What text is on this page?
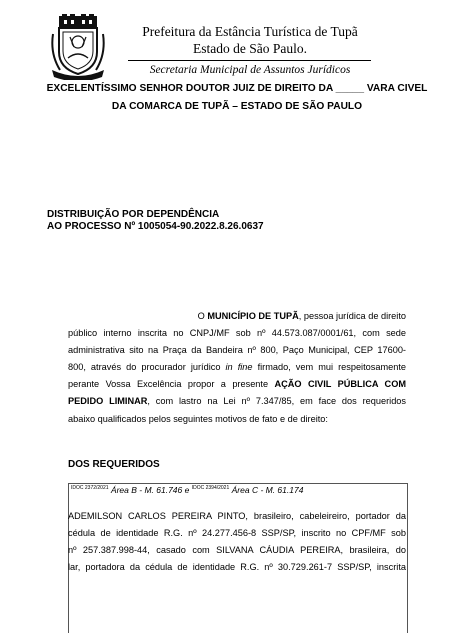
Prefeitura da Estância Turística de Tupã
Estado de São Paulo.
Secretaria Municipal de Assuntos Jurídicos
EXCELENTÍSSIMO SENHOR DOUTOR JUIZ DE DIREITO DA _____ VARA CIVEL
DA COMARCA DE TUPÃ – ESTADO DE SÃO PAULO
DISTRIBUIÇÃO POR DEPENDÊNCIA
AO PROCESSO Nº 1005054-90.2022.8.26.0637
O MUNICÍPIO DE TUPÃ, pessoa jurídica de direito
público interno inscrita no CNPJ/MF sob nº 44.573.087/0001/61, com sede
administrativa sito na Praça da Bandeira nº 800, Paço Municipal, CEP 17600-
800, através do procurador jurídico in fine firmado, vem mui respeitosamente
perante Vossa Excelência propor a presente AÇÃO CIVIL PÚBLICA COM
PEDIDO LIMINAR, com lastro na Lei nº 7.347/85, em face dos requeridos
abaixo qualificados pelos seguintes motivos de fato e de direito:
DOS REQUERIDOS
$^{IDOC 2372/2021}$ Área B - M. 61.746 e $^{IDOC 2394/2021}$ Área C - M. 61.174
ADEMILSON CARLOS PEREIRA PINTO, brasileiro, cabeleireiro, portador da
cédula de identidade R.G. nº 24.277.456-8 SSP/SP, inscrito no CPF/MF sob
nº 257.387.998-44, casado com SILVANA CÁUDIA PEREIRA, brasileira, do
lar, portadora da cédula de identidade R.G. nº 30.729.261-7 SSP/SP, inscrita
